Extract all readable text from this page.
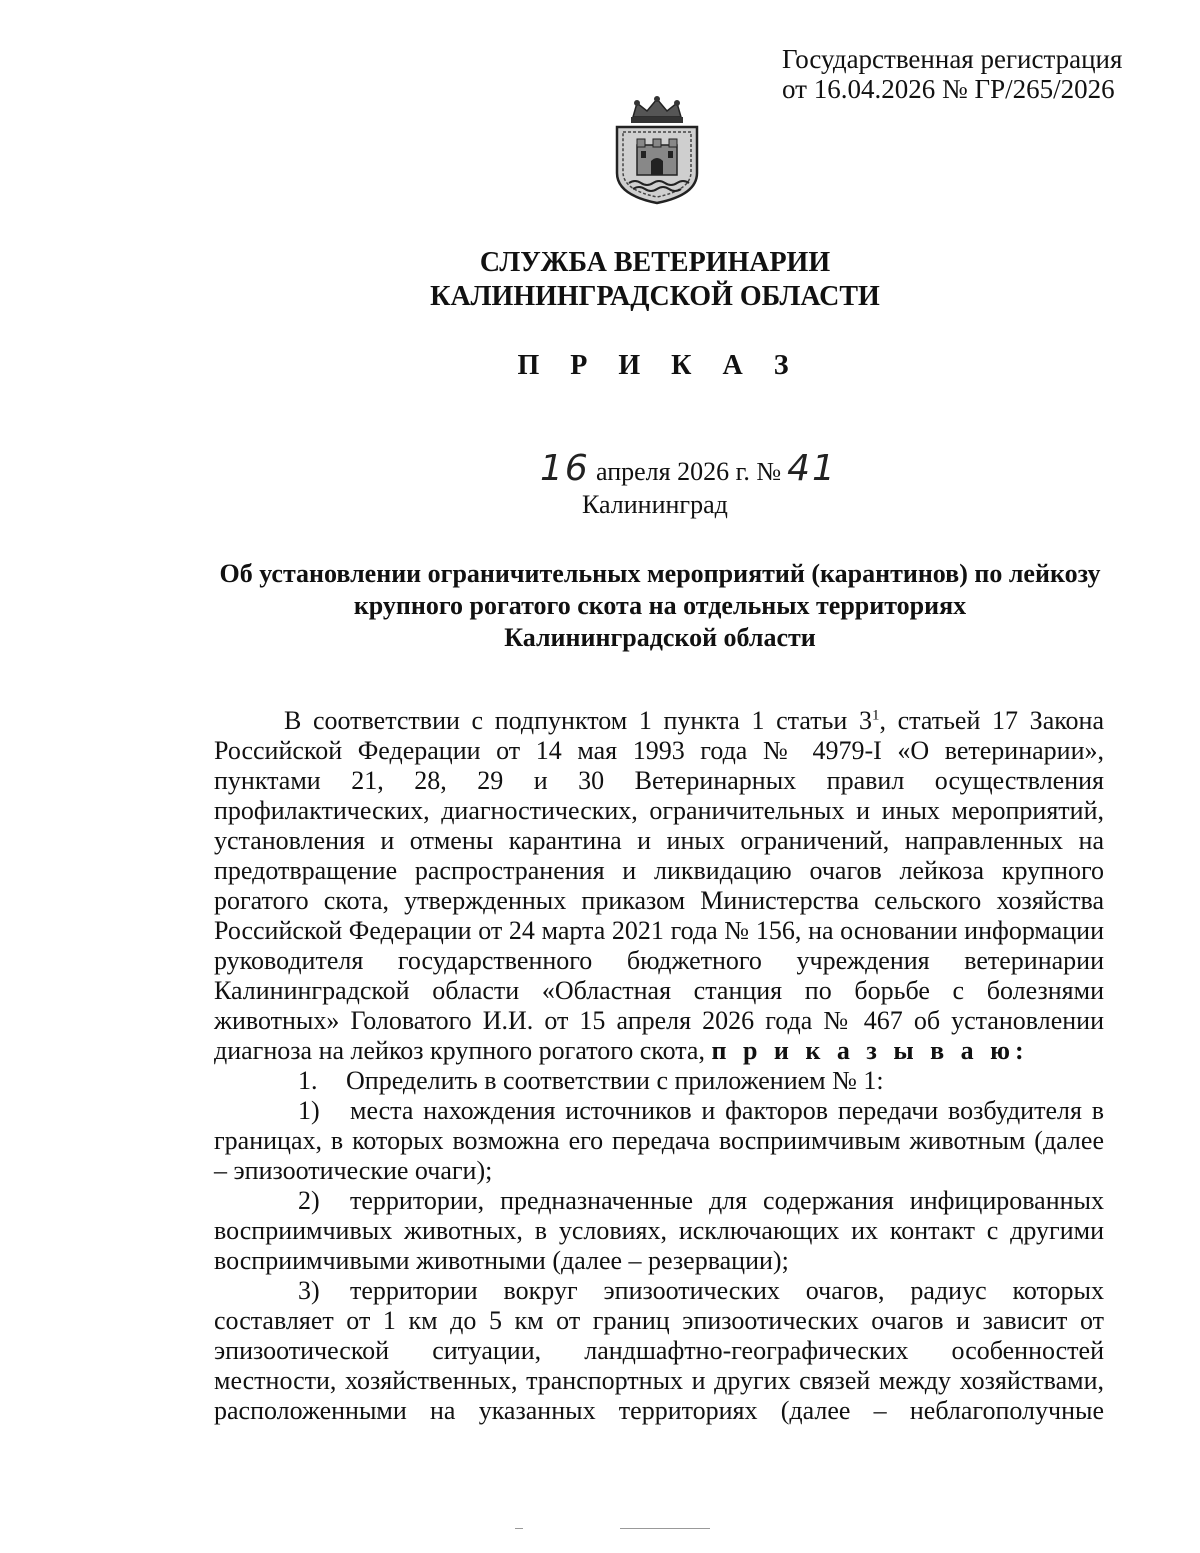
Государственная регистрация
от 16.04.2026 № ГР/265/2026
СЛУЖБА ВЕТЕРИНАРИИ
КАЛИНИНГРАДСКОЙ ОБЛАСТИ
П Р И К А З
16 апреля 2026 г. № 41
Калининград
Об установлении ограничительных мероприятий (карантинов) по лейкозу
крупного рогатого скота на отдельных территориях
Калининградской области

В соответствии с подпунктом 1 пункта 1 статьи $3^1$, статьей 17 Закона Российской Федерации от 14 мая 1993 года № 4979-I «О ветеринарии», пунктами 21, 28, 29 и 30 Ветеринарных правил осуществления профилактических, диагностических, ограничительных и иных мероприятий, установления и отмены карантина и иных ограничений, направленных на предотвращение распространения и ликвидацию очагов лейкоза крупного рогатого скота, утвержденных приказом Министерства сельского хозяйства Российской Федерации от 24 марта 2021 года № 156, на основании информации руководителя государственного бюджетного учреждения ветеринарии Калининградской области «Областная станция по борьбе с болезнями животных» Головатого И.И. от 15 апреля 2026 года № 467 об установлении диагноза на лейкоз крупного рогатого скота, п р и к а з ы в а ю:

1. Определить в соответствии с приложением № 1:

1) места нахождения источников и факторов передачи возбудителя в границах, в которых возможна его передача восприимчивым животным (далее – эпизоотические очаги);

2) территории, предназначенные для содержания инфицированных восприимчивых животных, в условиях, исключающих их контакт с другими восприимчивыми животными (далее – резервации);

3) территории вокруг эпизоотических очагов, радиус которых составляет от 1 км до 5 км от границ эпизоотических очагов и зависит от эпизоотической ситуации, ландшафтно-географических особенностей местности, хозяйственных, транспортных и других связей между хозяйствами, расположенными на указанных территориях (далее – неблагополучные
